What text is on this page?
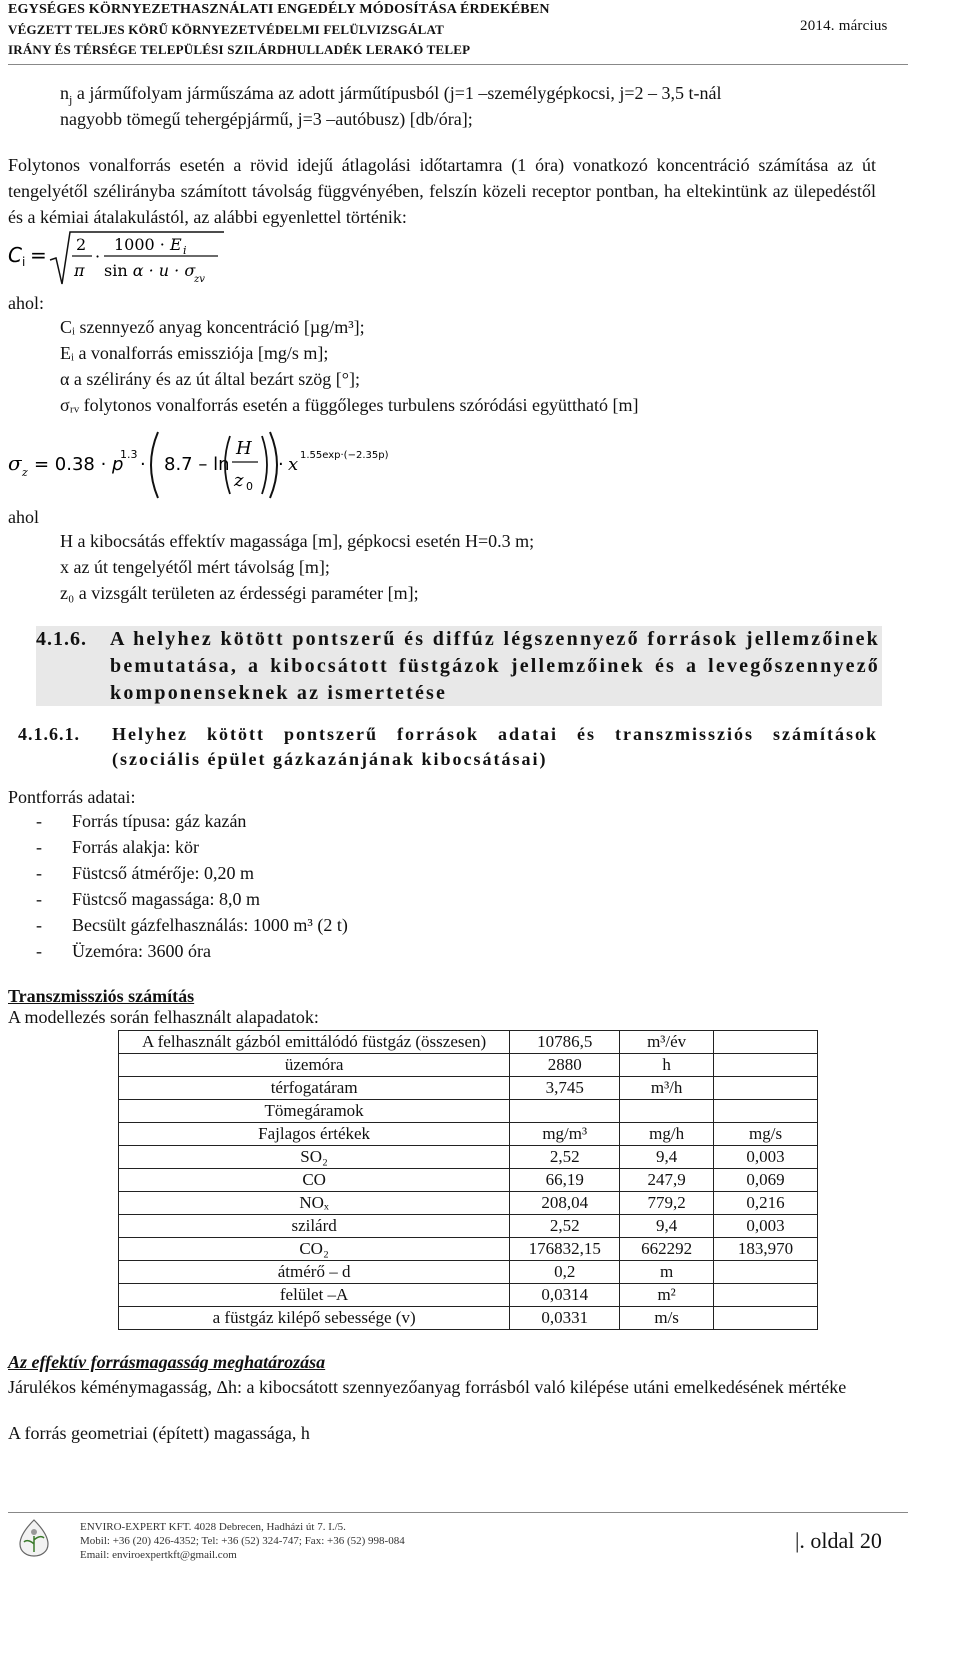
EGYSÉGES KÖRNYEZETHASZNÁLATI ENGEDÉLY MÓDOSÍTÁSA ÉRDEKÉBEN
VÉGZETT TELJES KÖRŰ KÖRNYEZETVÉDELMI FELÜLVIZSGÁLAT
IRÁNY ÉS TÉRSÉGE TELEPÜLÉSI SZILÁRDHULLADÉK LERAKÓ TELEP
2014. március
$n_j$ a járműfolyam járműszáma az adott járműtípusból (j=1 –személygépkocsi, j=2 – 3,5 t-nál
nagyobb tömegű tehergépjármű, j=3 –autóbusz) [db/óra];
Folytonos vonalforrás esetén a rövid idejű átlagolási időtartamra (1 óra) vonatkozó koncentráció számítása az út tengelyétől szélirányba számított távolság függvényében, felszín közeli receptor pontban, ha eltekintünk az ülepedéstől és a kémiai átalakulástól, az alábbi egyenlettel történik:
C i = 2
π
·
1000 · E i
sin α · u · σ
zv
ahol:
Cᵢ szennyező anyag koncentráció [µg/m³];
Eᵢ a vonalforrás emissziója [mg/s m];
α a szélirány és az út által bezárt szög [°];
σᵣᵥ folytonos vonalforrás esetén a függőleges turbulens szóródási együttható [m]
σ z = 0.38 · p
1.3 · 8.7 – ln
H
z 0
· x 1.55exp·(−2.35p)
ahol
H a kibocsátás effektív magassága [m], gépkocsi esetén H=0.3 m;
x az út tengelyétől mért távolság [m];
z₀ a vizsgált területen az érdességi paraméter [m];
4.1.6. A helyhez kötött pontszerű és diffúz légszennyező források jellemzőinek bemutatása, a kibocsátott füstgázok jellemzőinek és a levegőszennyező komponenseknek az ismertetése
4.1.6.1. Helyhez kötött pontszerű források adatai és transzmissziós számítások (szociális épület gázkazánjának kibocsátásai)
Pontforrás adatai:
-	Forrás típusa: gáz kazán
-	Forrás alakja: kör
-	Füstcső átmérője: 0,20 m
-	Füstcső magassága: 8,0 m
-	Becsült gázfelhasználás: 1000 m³ (2 t)
-	Üzemóra: 3600 óra
Transzmissziós számítás
A modellezés során felhasznált alapadatok:
A felhasznált gázból emittálódó füstgáz (összesen)	10786,5	m³/év	
üzemóra	2880	h	
térfogatáram	3,745	m³/h	
Tömegáramok			
Fajlagos értékek	mg/m³	mg/h	mg/s
SO₂	2,52	9,4	0,003
CO	66,19	247,9	0,069
NOₓ	208,04	779,2	0,216
szilárd	2,52	9,4	0,003
CO₂	176832,15	662292	183,970
átmérő – d	0,2	m	
felület –A	0,0314	m²	
a füstgáz kilépő sebessége (v)	0,0331	m/s	
Az effektív forrásmagasság meghatározása
Járulékos kéménymagasság, Δh: a kibocsátott szennyezőanyag forrásból való kilépése utáni emelkedésének mértéke
A forrás geometriai (épített) magassága, h
ENVIRO-EXPERT KFT. 4028 Debrecen, Hadházi út 7. I./5.
Mobil: +36 (20) 426-4352; Tel: +36 (52) 324-747; Fax: +36 (52) 998-084
Email: enviroexpertkft@gmail.com
|. oldal 20
